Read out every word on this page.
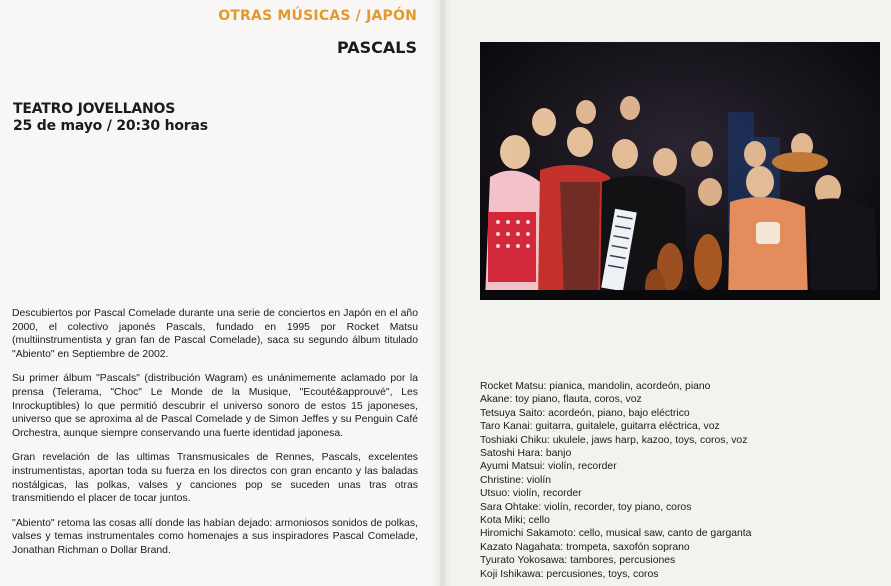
OTRAS MÚSICAS / JAPÓN
PASCALS
TEATRO JOVELLANOS
25 de mayo / 20:30 horas

Descubiertos por Pascal Comelade durante una serie de conciertos en Japón en el año 2000, el colectivo japonés Pascals, fundado en 1995 por Rocket Matsu (multiinstrumentista y gran fan de Pascal Comelade), saca su segundo álbum titulado "Abiento" en Septiembre de 2002.

Su primer álbum "Pascals" (distribución Wagram) es unánimemente aclamado por la prensa (Telerama, "Choc" Le Monde de la Musique, "Ecouté&approuvé", Les Inrockuptibles) lo que permitió descubrir el universo sonoro de estos 15 japoneses, universo que se aproxima al de Pascal Comelade y de Simon Jeffes y su Penguin Café Orchestra, aunque siempre conservando una fuerte identidad japonesa.

Gran revelación de las ultimas Transmusicales de Rennes, Pascals, excelentes instrumentistas, aportan toda su fuerza en los directos con gran encanto y las baladas nostálgicas, las polkas, valses y canciones pop se suceden unas tras otras transmitiendo el placer de tocar juntos.

"Abiento" retoma las cosas allí donde las habían dejado: armoniosos sonidos de polkas, valses y temas instrumentales como homenajes a sus inspiradores Pascal Comelade, Jonathan Richman o Dollar Brand.

Rocket Matsu: pianica, mandolin, acordeón, piano
Akane: toy piano, flauta, coros, voz
Tetsuya Saito: acordeón, piano, bajo eléctrico
Taro Kanai: guitarra, guitalele, guitarra eléctrica, voz
Toshiaki Chiku: ukulele, jaws harp, kazoo, toys, coros, voz
Satoshi Hara: banjo
Ayumi Matsui: violín, recorder
Christine: violín
Utsuo: violín, recorder
Sara Ohtake: violín, recorder, toy piano, coros
Kota Miki; cello
Hiromichi Sakamoto: cello, musical saw, canto de garganta
Kazato Nagahata: trompeta, saxofón soprano
Tyurato Yokosawa: tambores, percusiones
Koji Ishikawa: percusiones, toys, coros
